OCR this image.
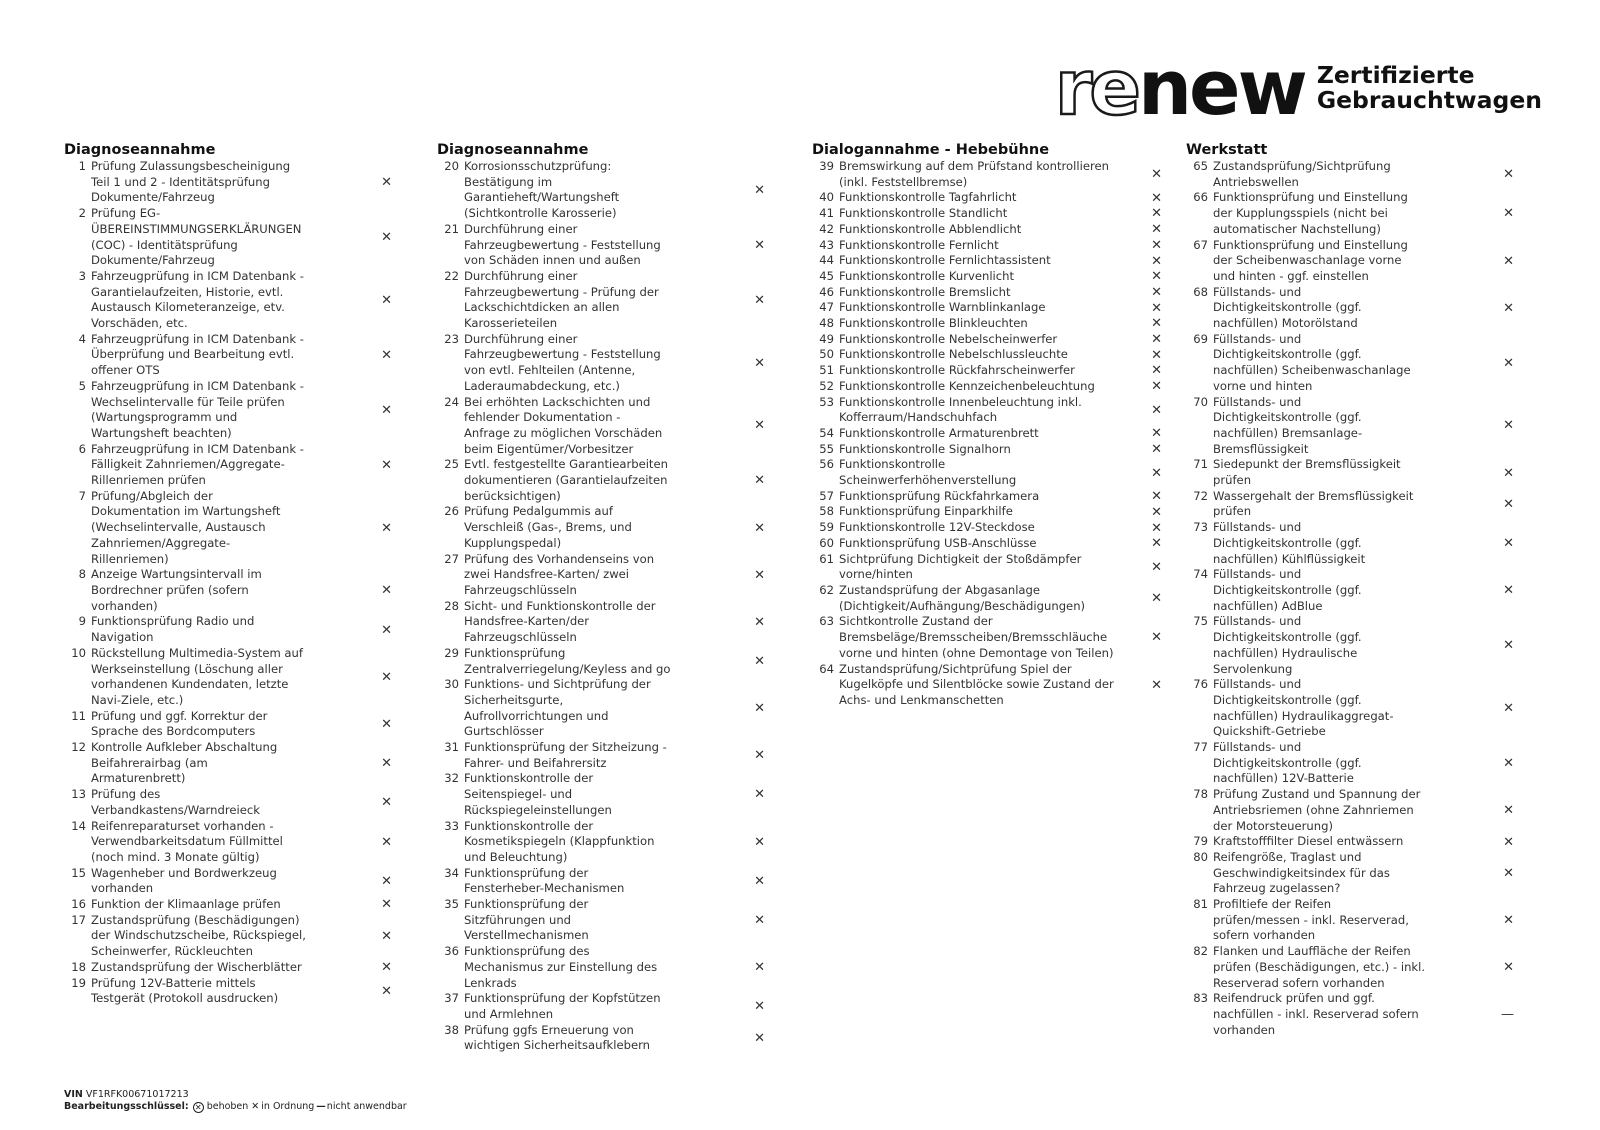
re new Zertifizierte
Gebrauchtwagen
Diagnoseannahme
1 Prüfung Zulassungsbescheinigung
Teil 1 und 2 - Identitätsprüfung
Dokumente/Fahrzeug
✕
2 Prüfung EG-
ÜBEREINSTIMMUNGSERKLÄRUNGEN
(COC) - Identitätsprüfung
Dokumente/Fahrzeug
✕
3 Fahrzeugprüfung in ICM Datenbank -
Garantielaufzeiten, Historie, evtl.
Austausch Kilometeranzeige, etv.
Vorschäden, etc.
✕
4 Fahrzeugprüfung in ICM Datenbank -
Überprüfung und Bearbeitung evtl.
offener OTS
✕
5 Fahrzeugprüfung in ICM Datenbank -
Wechselintervalle für Teile prüfen
(Wartungsprogramm und
Wartungsheft beachten)
✕
6 Fahrzeugprüfung in ICM Datenbank -
Fälligkeit Zahnriemen/Aggregate-
Rillenriemen prüfen
✕
7 Prüfung/Abgleich der
Dokumentation im Wartungsheft
(Wechselintervalle, Austausch
Zahnriemen/Aggregate-
Rillenriemen)
✕
8 Anzeige Wartungsintervall im
Bordrechner prüfen (sofern
vorhanden)
✕
9 Funktionsprüfung Radio und
Navigation	✕
10 Rückstellung Multimedia-System auf
Werkseinstellung (Löschung aller
vorhandenen Kundendaten, letzte
Navi-Ziele, etc.)
✕
11 Prüfung und ggf. Korrektur der
Sprache des Bordcomputers	✕
12 Kontrolle Aufkleber Abschaltung
Beifahrerairbag (am
Armaturenbrett)
✕
13 Prüfung des
Verbandkastens/Warndreieck	✕
14 Reifenreparaturset vorhanden -
Verwendbarkeitsdatum Füllmittel
(noch mind. 3 Monate gültig)
✕
15 Wagenheber und Bordwerkzeug
vorhanden	✕
16 Funktion der Klimaanlage prüfen	✕
17 Zustandsprüfung (Beschädigungen)
der Windschutzscheibe, Rückspiegel,
Scheinwerfer, Rückleuchten
✕
18 Zustandsprüfung der Wischerblätter	✕
19 Prüfung 12V-Batterie mittels
Testgerät (Protokoll ausdrucken)	✕
Diagnoseannahme
20 Korrosionsschutzprüfung:
Bestätigung im
Garantieheft/Wartungsheft
(Sichtkontrolle Karosserie)
✕
21 Durchführung einer
Fahrzeugbewertung - Feststellung
von Schäden innen und außen
✕
22 Durchführung einer
Fahrzeugbewertung - Prüfung der
Lackschichtdicken an allen
Karosserieteilen
✕
23 Durchführung einer
Fahrzeugbewertung - Feststellung
von evtl. Fehlteilen (Antenne,
Laderaumabdeckung, etc.)
✕
24 Bei erhöhten Lackschichten und
fehlender Dokumentation -
Anfrage zu möglichen Vorschäden
beim Eigentümer/Vorbesitzer
✕
25 Evtl. festgestellte Garantiearbeiten
dokumentieren (Garantielaufzeiten
berücksichtigen)
✕
26 Prüfung Pedalgummis auf
Verschleiß (Gas-, Brems, und
Kupplungspedal)
✕
27 Prüfung des Vorhandenseins von
zwei Handsfree-Karten/ zwei
Fahrzeugschlüsseln
✕
28 Sicht- und Funktionskontrolle der
Handsfree-Karten/der
Fahrzeugschlüsseln
✕
29 Funktionsprüfung
Zentralverriegelung/Keyless and go	✕
30 Funktions- und Sichtprüfung der
Sicherheitsgurte,
Aufrollvorrichtungen und
Gurtschlösser
✕
31 Funktionsprüfung der Sitzheizung -
Fahrer- und Beifahrersitz	✕
32 Funktionskontrolle der
Seitenspiegel- und
Rückspiegeleinstellungen
✕
33 Funktionskontrolle der
Kosmetikspiegeln (Klappfunktion
und Beleuchtung)
✕
34 Funktionsprüfung der
Fensterheber-Mechanismen	✕
35 Funktionsprüfung der
Sitzführungen und
Verstellmechanismen
✕
36 Funktionsprüfung des
Mechanismus zur Einstellung des
Lenkrads
✕
37 Funktionsprüfung der Kopfstützen
und Armlehnen	✕
38 Prüfung ggfs Erneuerung von
wichtigen Sicherheitsaufklebern	✕
Dialogannahme - Hebebühne
39 Bremswirkung auf dem Prüfstand kontrollieren
(inkl. Feststellbremse)	✕
40 Funktionskontrolle Tagfahrlicht	✕
41 Funktionskontrolle Standlicht	✕
42 Funktionskontrolle Abblendlicht	✕
43 Funktionskontrolle Fernlicht	✕
44 Funktionskontrolle Fernlichtassistent	✕
45 Funktionskontrolle Kurvenlicht	✕
46 Funktionskontrolle Bremslicht	✕
47 Funktionskontrolle Warnblinkanlage	✕
48 Funktionskontrolle Blinkleuchten	✕
49 Funktionskontrolle Nebelscheinwerfer	✕
50 Funktionskontrolle Nebelschlussleuchte	✕
51 Funktionskontrolle Rückfahrscheinwerfer	✕
52 Funktionskontrolle Kennzeichenbeleuchtung	✕
53 Funktionskontrolle Innenbeleuchtung inkl.
Kofferraum/Handschuhfach	✕
54 Funktionskontrolle Armaturenbrett	✕
55 Funktionskontrolle Signalhorn	✕
56 Funktionskontrolle
Scheinwerferhöhenverstellung	✕
57 Funktionsprüfung Rückfahrkamera	✕
58 Funktionsprüfung Einparkhilfe	✕
59 Funktionskontrolle 12V-Steckdose	✕
60 Funktionsprüfung USB-Anschlüsse	✕
61 Sichtprüfung Dichtigkeit der Stoßdämpfer
vorne/hinten	✕
62 Zustandsprüfung der Abgasanlage
(Dichtigkeit/Aufhängung/Beschädigungen)	✕
63 Sichtkontrolle Zustand der
Bremsbeläge/Bremsscheiben/Bremsschläuche
vorne und hinten (ohne Demontage von Teilen)
✕
64 Zustandsprüfung/Sichtprüfung Spiel der
Kugelköpfe und Silentblöcke sowie Zustand der
Achs- und Lenkmanschetten
✕
Werkstatt
65 Zustandsprüfung/Sichtprüfung
Antriebswellen	✕
66 Funktionsprüfung und Einstellung
der Kupplungsspiels (nicht bei
automatischer Nachstellung)
✕
67 Funktionsprüfung und Einstellung
der Scheibenwaschanlage vorne
und hinten - ggf. einstellen
✕
68 Füllstands- und
Dichtigkeitskontrolle (ggf.
nachfüllen) Motorölstand
✕
69 Füllstands- und
Dichtigkeitskontrolle (ggf.
nachfüllen) Scheibenwaschanlage
vorne und hinten
✕
70 Füllstands- und
Dichtigkeitskontrolle (ggf.
nachfüllen) Bremsanlage-
Bremsflüssigkeit
✕
71 Siedepunkt der Bremsflüssigkeit
prüfen	✕
72 Wassergehalt der Bremsflüssigkeit
prüfen	✕
73 Füllstands- und
Dichtigkeitskontrolle (ggf.
nachfüllen) Kühlflüssigkeit
✕
74 Füllstands- und
Dichtigkeitskontrolle (ggf.
nachfüllen) AdBlue
✕
75 Füllstands- und
Dichtigkeitskontrolle (ggf.
nachfüllen) Hydraulische
Servolenkung
✕
76 Füllstands- und
Dichtigkeitskontrolle (ggf.
nachfüllen) Hydraulikaggregat-
Quickshift-Getriebe
✕
77 Füllstands- und
Dichtigkeitskontrolle (ggf.
nachfüllen) 12V-Batterie
✕
78 Prüfung Zustand und Spannung der
Antriebsriemen (ohne Zahnriemen
der Motorsteuerung)
✕
79 Kraftstofffilter Diesel entwässern	✕
80 Reifengröße, Traglast und
Geschwindigkeitsindex für das
Fahrzeug zugelassen?
✕
81 Profiltiefe der Reifen
prüfen/messen - inkl. Reserverad,
sofern vorhanden
✕
82 Flanken und Lauffläche der Reifen
prüfen (Beschädigungen, etc.) - inkl.
Reserverad sofern vorhanden
✕
83 Reifendruck prüfen und ggf.
nachfüllen - inkl. Reserverad sofern
vorhanden
—
VIN
VF1RFK00671017213
Bearbeitungsschlüssel: ✕ behoben ✕ in Ordnung — nicht anwendbar
